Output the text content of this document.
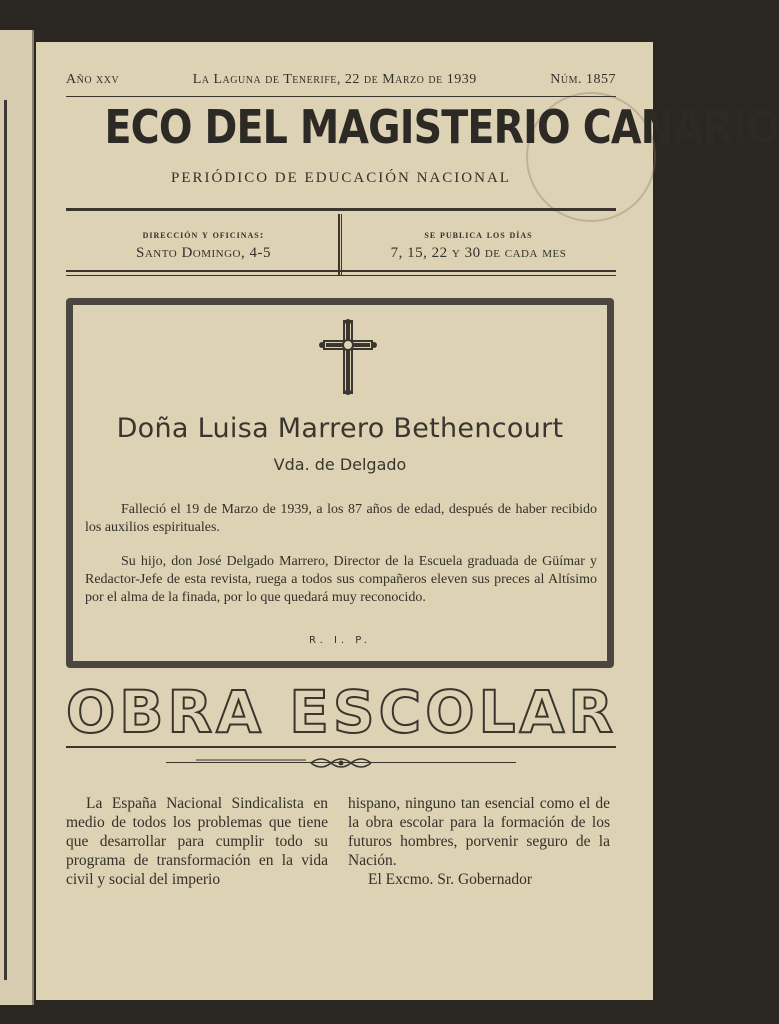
Año xxv	La Laguna de Tenerife, 22 de Marzo de 1939	Núm. 1857
ECO DEL MAGISTERIO CANARIO
PERIÓDICO DE EDUCACIÓN NACIONAL
dirección y oficinas:
Santo Domingo, 4-5
se publica los días
7, 15, 22 y 30 de cada mes
Doña Luisa Marrero Bethencourt
Vda. de Delgado

Falleció el 19 de Marzo de 1939, a los 87 años de edad, después de haber recibido los auxilios espirituales.

Su hijo, don José Delgado Marrero, Director de la Escuela graduada de Güímar y Redactor-Jefe de esta revista, ruega a todos sus compañeros eleven sus preces al Altísimo por el alma de la finada, por lo que quedará muy reconocido.

R. I. P.
OBRA ESCOLAR

La España Nacional Sindicalista en medio de todos los problemas que tiene que desarrollar para cumplir todo su programa de transformación en la vida civil y social del imperio

hispano, ninguno tan esencial como el de la obra escolar para la formación de los futuros hombres, porvenir seguro de la Nación.

El Excmo. Sr. Gobernador
